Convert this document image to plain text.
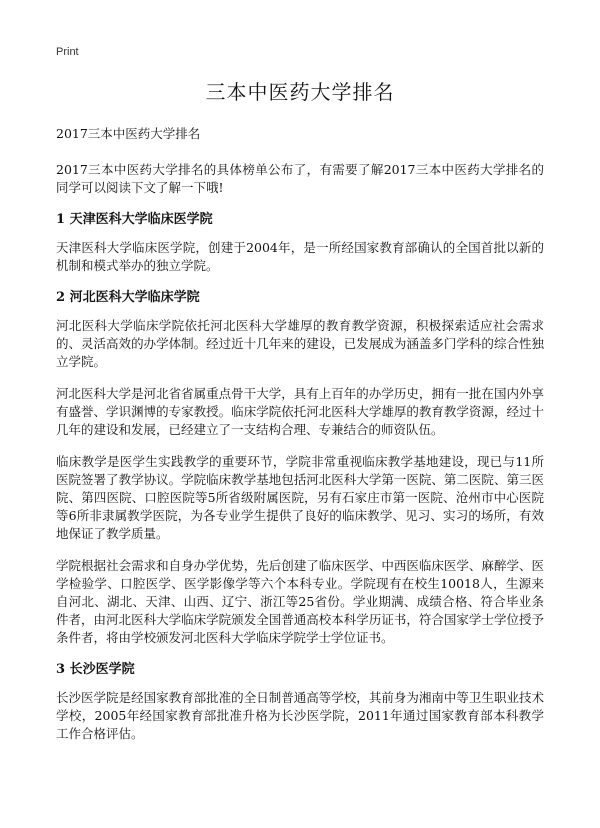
Print
三本中医药大学排名
2017三本中医药大学排名

2017三本中医药大学排名的具体榜单公布了，有需要了解2017三本中医药大学排名的同学可以阅读下文了解一下哦!

1 天津医科大学临床医学院

天津医科大学临床医学院，创建于2004年，是一所经国家教育部确认的全国首批以新的机制和模式举办的独立学院。

2 河北医科大学临床学院

河北医科大学临床学院依托河北医科大学雄厚的教育教学资源，积极探索适应社会需求的、灵活高效的办学体制。经过近十几年来的建设，已发展成为涵盖多门学科的综合性独立学院。

河北医科大学是河北省省属重点骨干大学，具有上百年的办学历史，拥有一批在国内外享有盛誉、学识渊博的专家教授。临床学院依托河北医科大学雄厚的教育教学资源，经过十几年的建设和发展，已经建立了一支结构合理、专兼结合的师资队伍。

临床教学是医学生实践教学的重要环节，学院非常重视临床教学基地建设，现已与11所医院签署了教学协议。学院临床教学基地包括河北医科大学第一医院、第二医院、第三医院、第四医院、口腔医院等5所省级附属医院，另有石家庄市第一医院、沧州市中心医院等6所非隶属教学医院，为各专业学生提供了良好的临床教学、见习、实习的场所，有效地保证了教学质量。

学院根据社会需求和自身办学优势，先后创建了临床医学、中西医临床医学、麻醉学、医学检验学、口腔医学、医学影像学等六个本科专业。学院现有在校生10018人，生源来自河北、湖北、天津、山西、辽宁、浙江等25省份。学业期满、成绩合格、符合毕业条件者，由河北医科大学临床学院颁发全国普通高校本科学历证书，符合国家学士学位授予条件者，将由学校颁发河北医科大学临床学院学士学位证书。

3 长沙医学院

长沙医学院是经国家教育部批准的全日制普通高等学校，其前身为湘南中等卫生职业技术学校，2005年经国家教育部批准升格为长沙医学院，2011年通过国家教育部本科教学工作合格评估。
